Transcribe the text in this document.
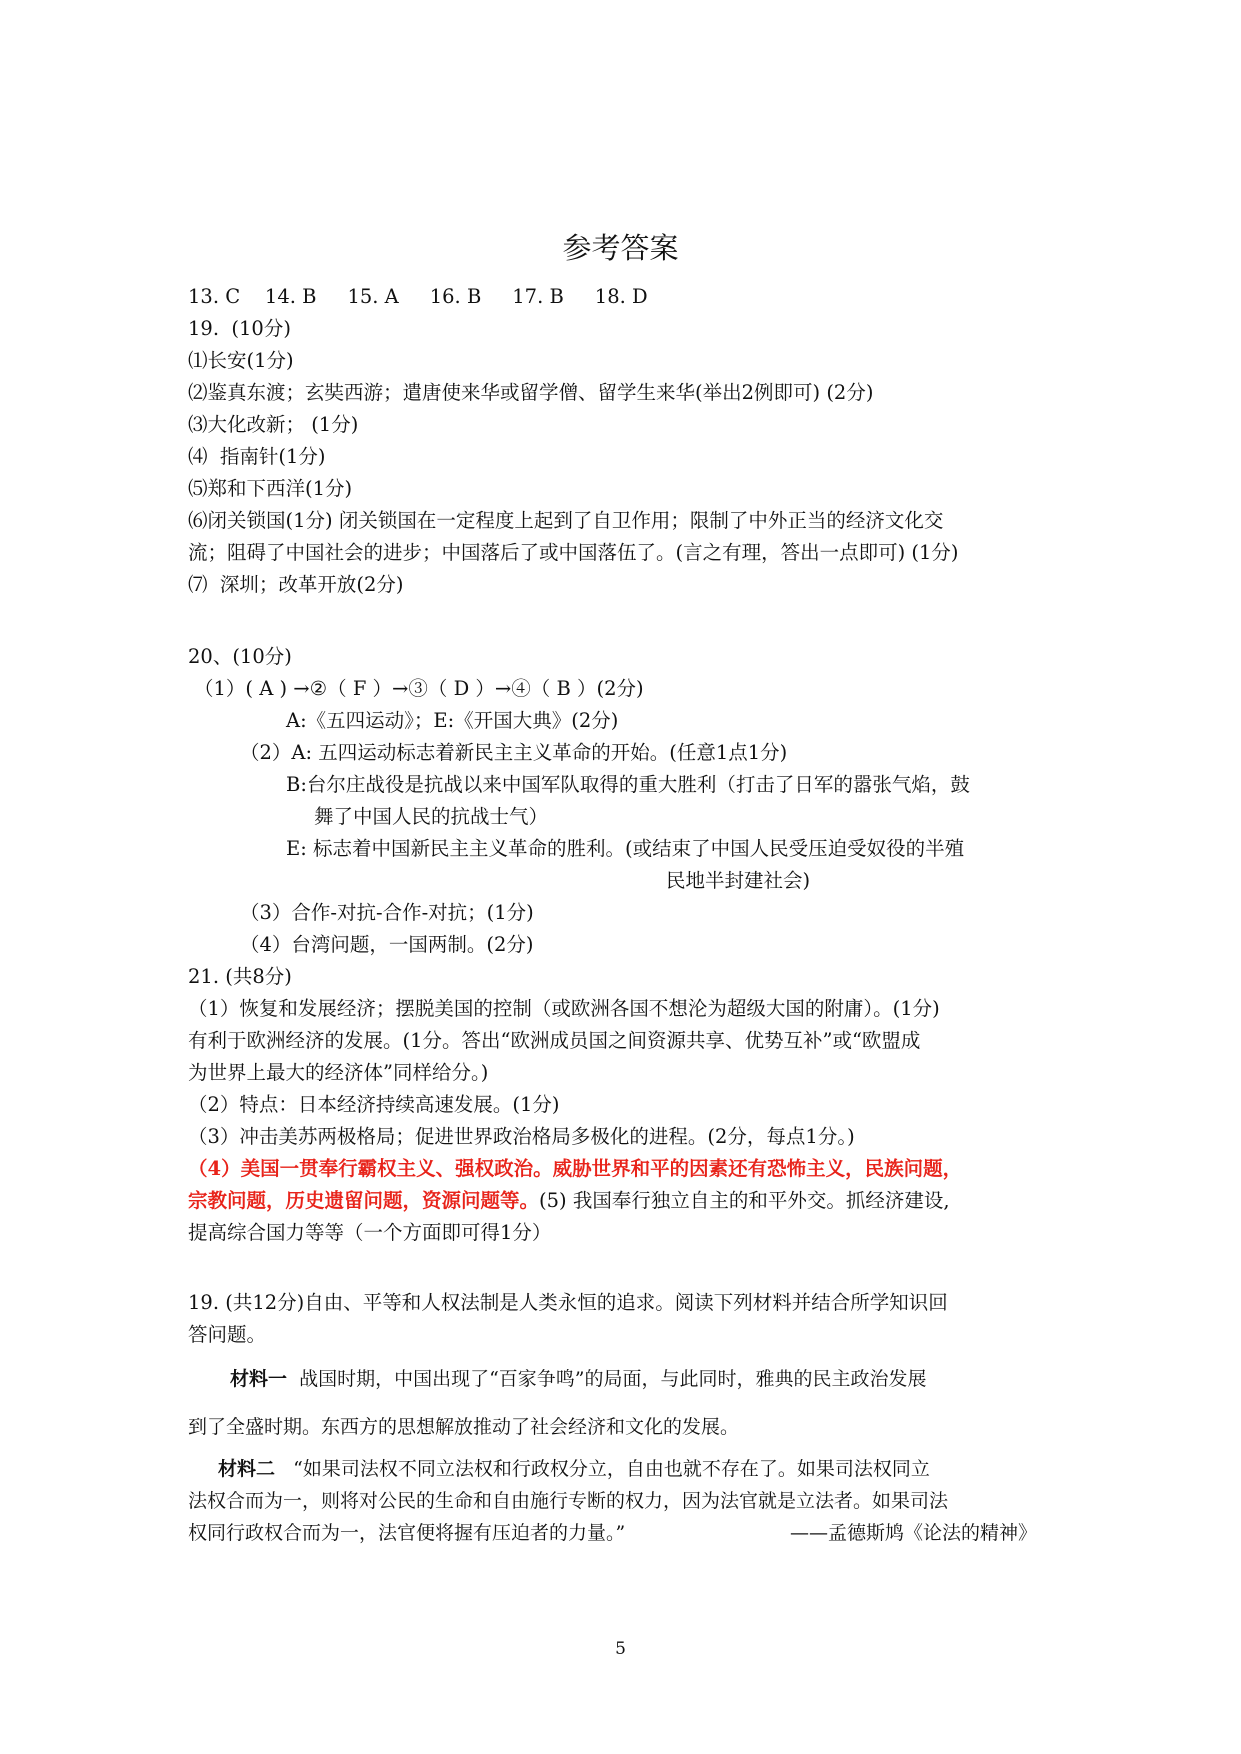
参考答案
13. C    14. B     15. A     16. B     17. B     18. D
19.  (10分)
⑴长安(1分)
⑵鉴真东渡；玄奘西游；遣唐使来华或留学僧、留学生来华(举出2例即可) (2分)
⑶大化改新； (1分)
⑷  指南针(1分)
⑸郑和下西洋(1分)
⑹闭关锁国(1分) 闭关锁国在一定程度上起到了自卫作用；限制了中外正当的经济文化交
流；阻碍了中国社会的进步；中国落后了或中国落伍了。(言之有理，答出一点即可) (1分)
⑺  深圳；改革开放(2分)
20、(10分)
（1）( A ) →②（ F ）→③（ D ）→④（ B ）(2分)
A:《五四运动》；E:《开国大典》(2分)
（2）A: 五四运动标志着新民主主义革命的开始。(任意1点1分)
B:台尔庄战役是抗战以来中国军队取得的重大胜利（打击了日军的嚣张气焰，鼓
舞了中国人民的抗战士气）
E: 标志着中国新民主主义革命的胜利。(或结束了中国人民受压迫受奴役的半殖
民地半封建社会)
（3）合作-对抗-合作-对抗；(1分)
（4）台湾问题，一国两制。(2分)
21. (共8分)
（1）恢复和发展经济；摆脱美国的控制（或欧洲各国不想沦为超级大国的附庸）。(1分)
有利于欧洲经济的发展。(1分。答出“欧洲成员国之间资源共享、优势互补”或“欧盟成
为世界上最大的经济体”同样给分。)
（2）特点：日本经济持续高速发展。(1分)
（3）冲击美苏两极格局；促进世界政治格局多极化的进程。(2分，每点1分。)
（4）美国一贯奉行霸权主义、强权政治。威胁世界和平的因素还有恐怖主义，民族问题，
宗教问题，历史遗留问题，资源问题等。(5) 我国奉行独立自主的和平外交。抓经济建设,
提高综合国力等等（一个方面即可得1分）
19. (共12分)自由、平等和人权法制是人类永恒的追求。阅读下列材料并结合所学知识回
答问题。
材料一  战国时期，中国出现了“百家争鸣”的局面，与此同时，雅典的民主政治发展
到了全盛时期。东西方的思想解放推动了社会经济和文化的发展。
材料二   “如果司法权不同立法权和行政权分立，自由也就不存在了。如果司法权同立
法权合而为一，则将对公民的生命和自由施行专断的权力，因为法官就是立法者。如果司法
权同行政权合而为一，法官便将握有压迫者的力量。”	——孟德斯鸠《论法的精神》
5
